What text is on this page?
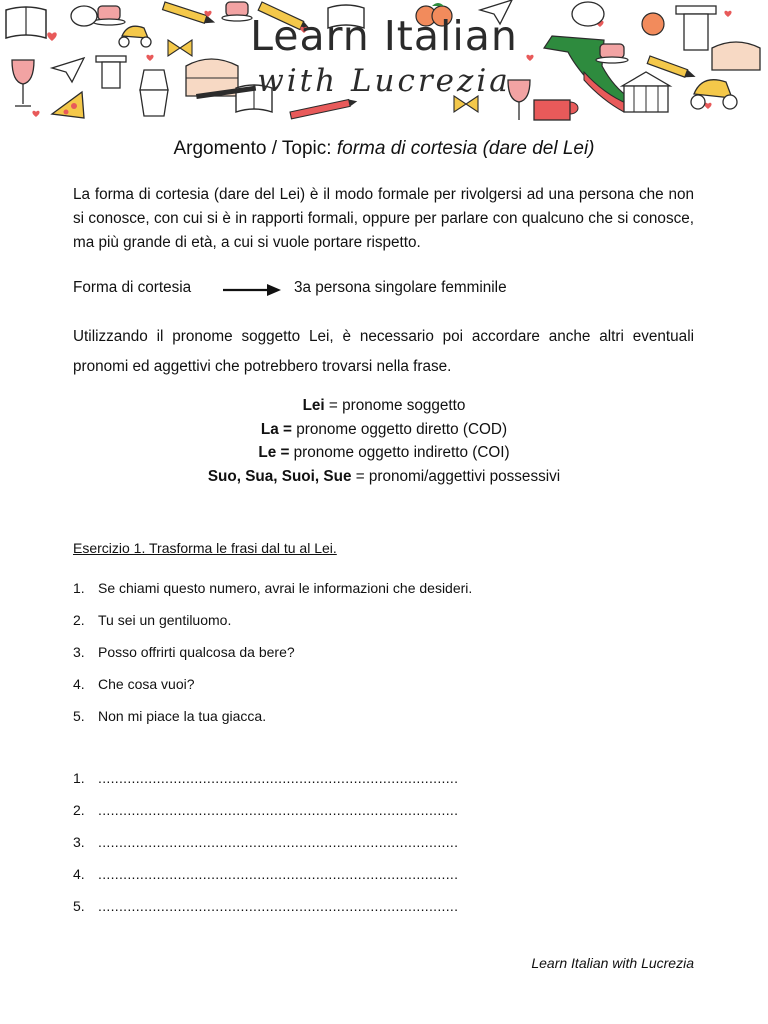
Learn Italian
with Lucrezia
Argomento / Topic: forma di cortesia (dare del Lei)
La forma di cortesia (dare del Lei) è il modo formale per rivolgersi ad una persona che non si conosce, con cui si è in rapporti formali, oppure per parlare con qualcuno che si conosce, ma più grande di età, a cui si vuole portare rispetto.
Forma di cortesia	3a persona singolare femminile
Utilizzando il pronome soggetto Lei, è necessario poi accordare anche altri eventuali pronomi ed aggettivi che potrebbero trovarsi nella frase.
Lei = pronome soggetto
La = pronome oggetto diretto (COD)
Le = pronome oggetto indiretto (COI)
Suo, Sua, Suoi, Sue = pronomi/aggettivi possessivi
Esercizio 1. Trasforma le frasi dal tu al Lei.
1. Se chiami questo numero, avrai le informazioni che desideri.
2. Tu sei un gentiluomo.
3. Posso offrirti qualcosa da bere?
4. Che cosa vuoi?
5. Non mi piace la tua giacca.
1. ......................................................................................
2. ......................................................................................
3. ......................................................................................
4. ......................................................................................
5. ......................................................................................
Learn Italian with Lucrezia
